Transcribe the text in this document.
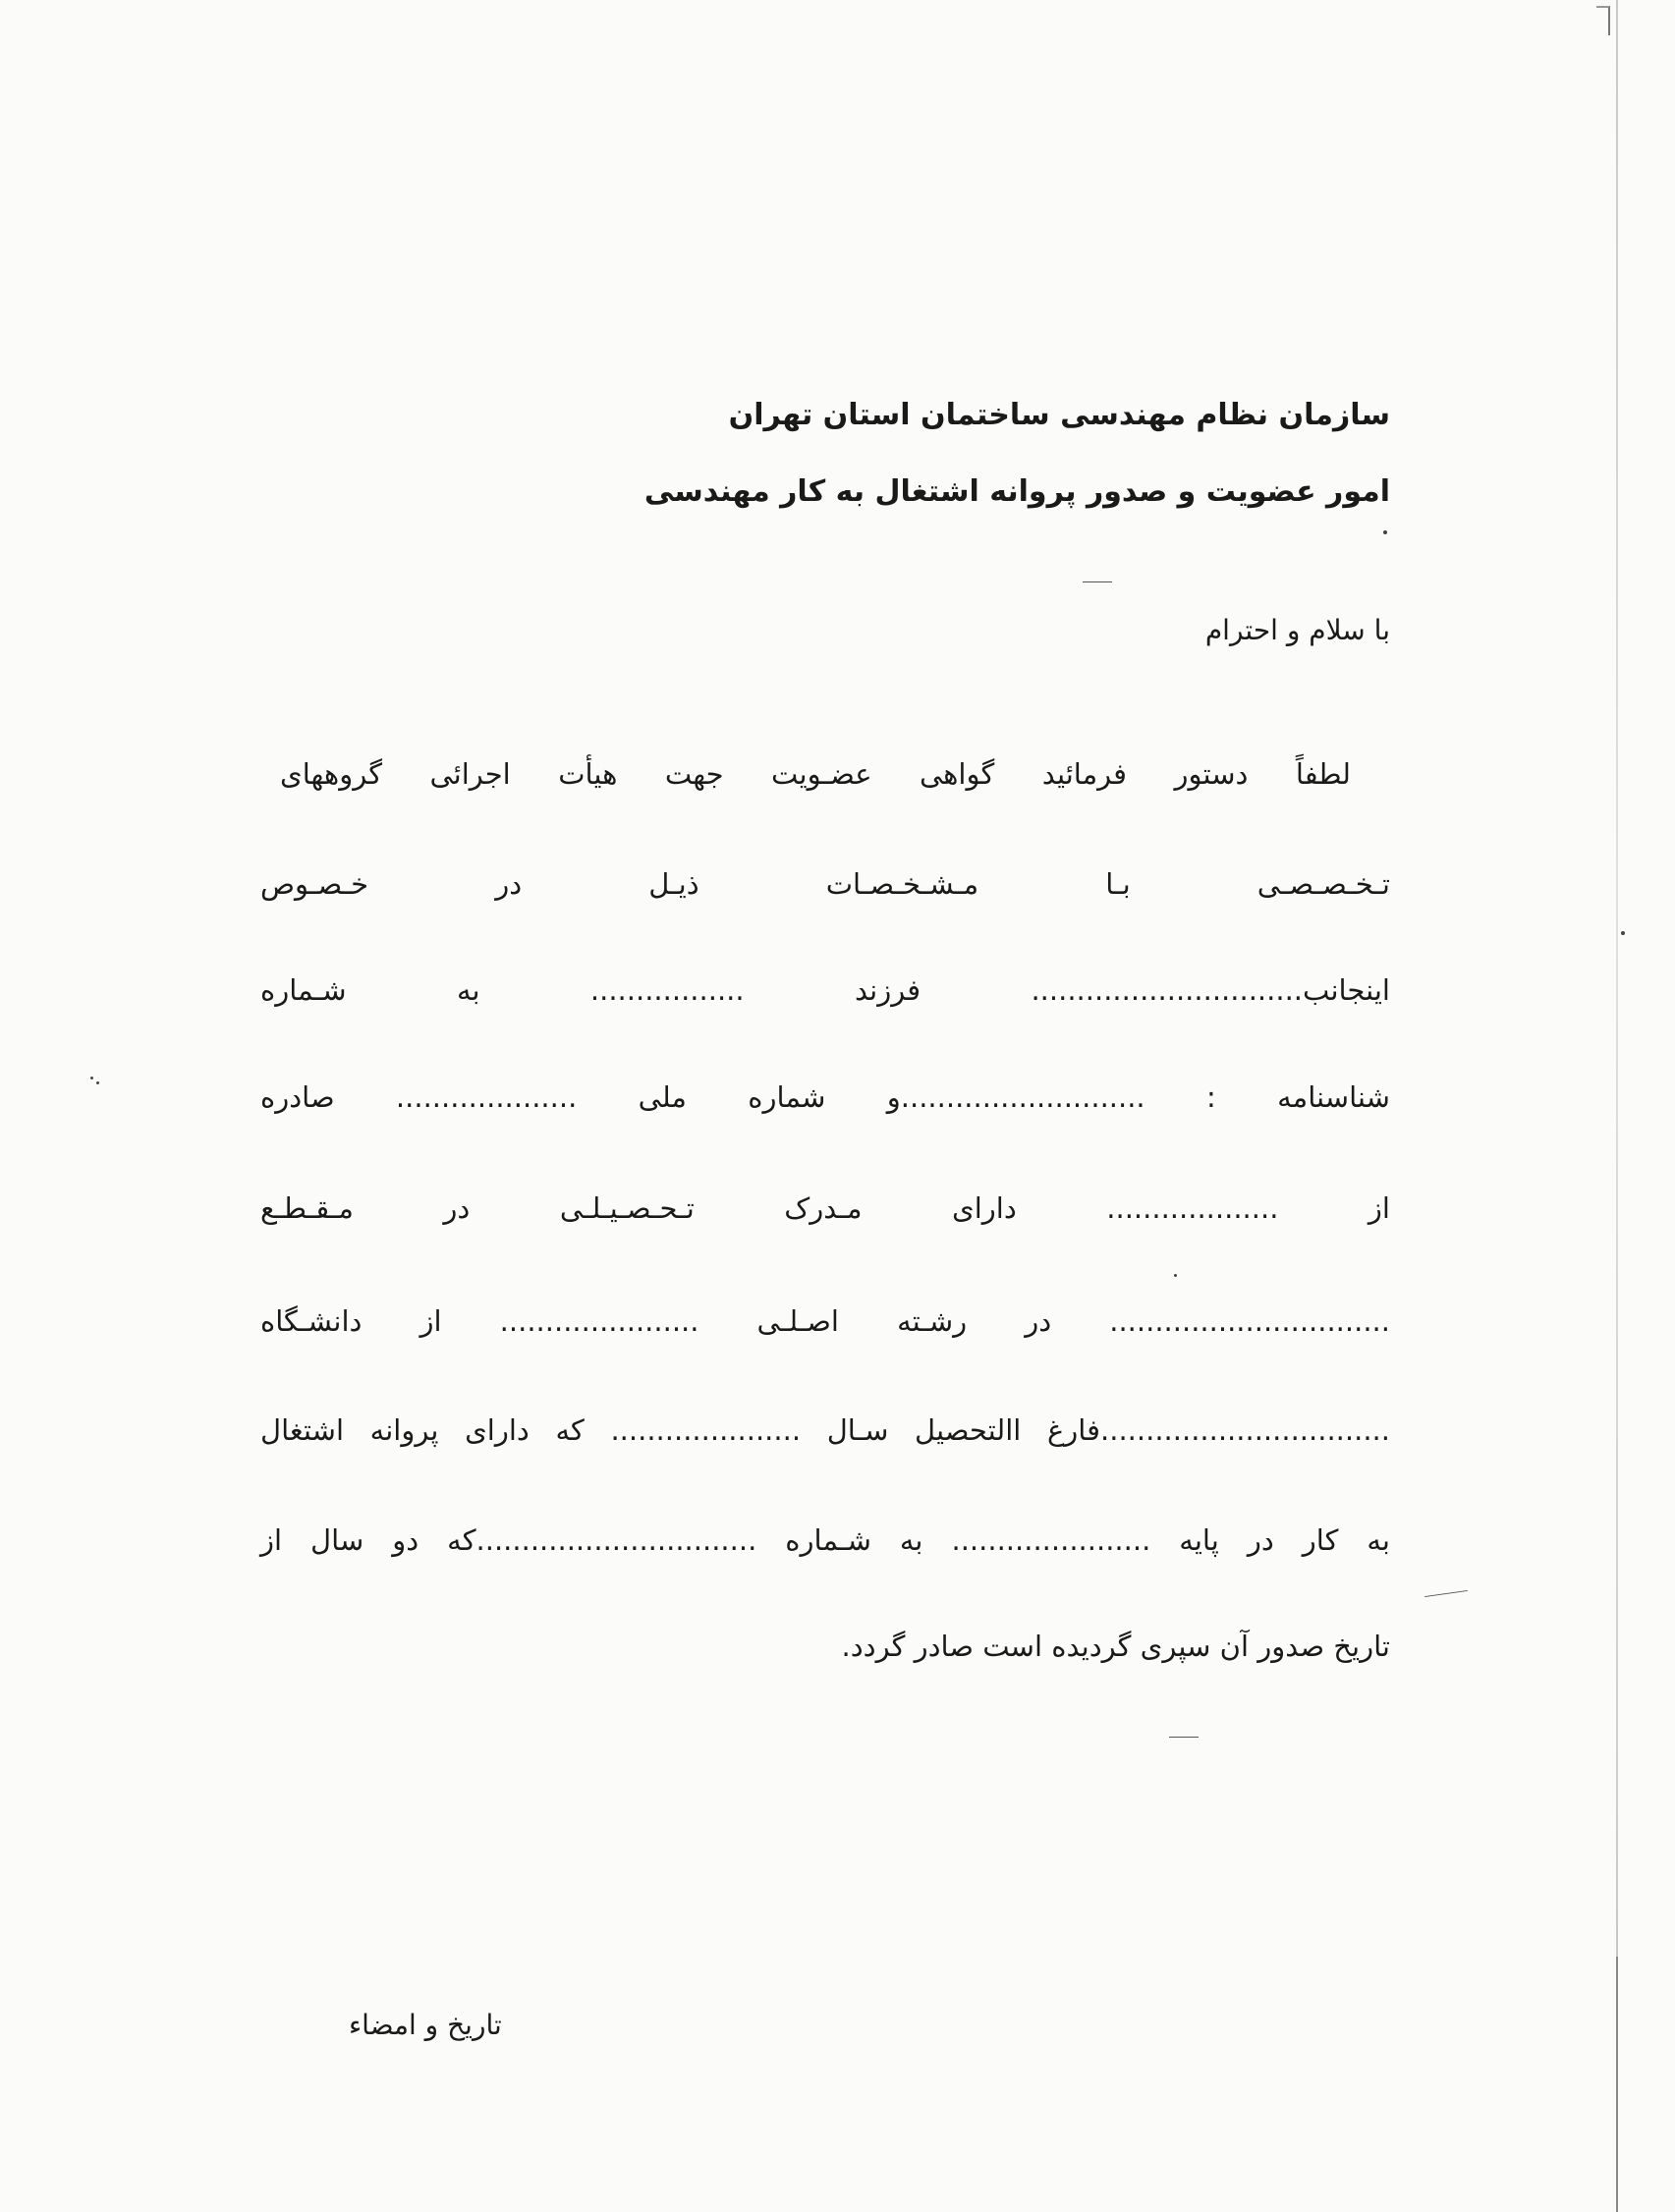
سازمان نظام مهندسی ساختمان استان تهران
امور عضویت و صدور پروانه اشتغال به کار مهندسی
با سلام و احترام
لطفاً دستور فرمائید گواهی عضـویت جهت هیأت اجرائی گروههای
تـخـصـصـی بـا مـشـخـصـات ذیـل در خـصـوص
اینجانب.............................. فرزند ................. به شـماره
شناسنامه : ...........................و شماره ملی .................... صادره
از ................... دارای مـدرک تـحـصـیـلـی در مـقـطـع
............................... در رشـته اصـلـی ...................... از دانشـگاه
................................فارغ االتحصیل سـال ..................... که دارای پروانه اشتغال
به کار در پایه ...................... به شـماره ...............................که دو سال از
تاریخ صدور آن سپری گردیده است صادر گردد.
تاریخ و امضاء
